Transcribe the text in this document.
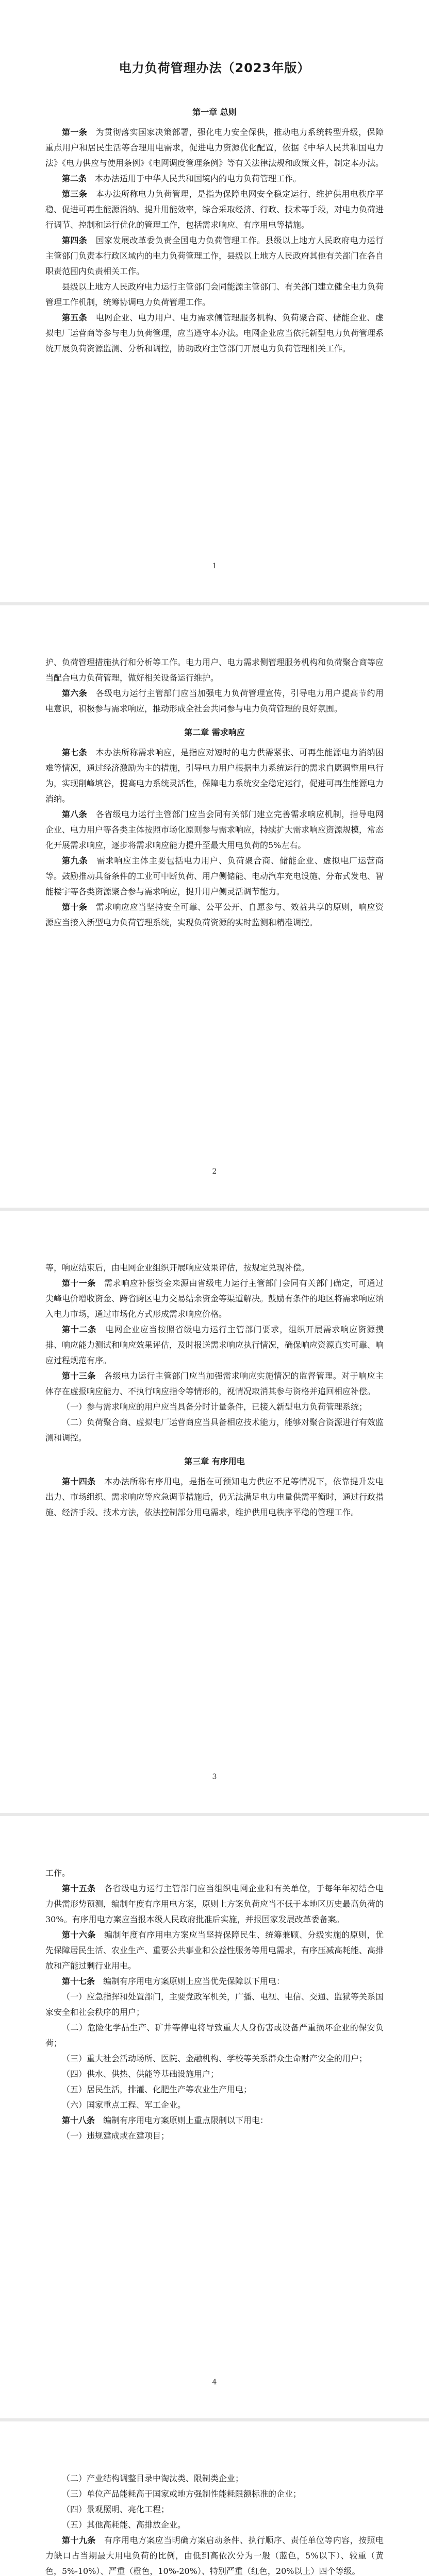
电力负荷管理办法（2023年版）
第一章 总则

第一条　 为贯彻落实国家决策部署，强化电力安全保供，推动电力系统转型升级，保障重点用户和居民生活等合理用电需求，促进电力资源优化配置，依据《中华人民共和国电力法》《电力供应与使用条例》《电网调度管理条例》等有关法律法规和政策文件，制定本办法。

第二条　 本办法适用于中华人民共和国境内的电力负荷管理工作。

第三条　 本办法所称电力负荷管理，是指为保障电网安全稳定运行、维护供用电秩序平稳、促进可再生能源消纳、提升用能效率，综合采取经济、行政、技术等手段，对电力负荷进行调节、控制和运行优化的管理工作，包括需求响应、有序用电等措施。

第四条　 国家发展改革委负责全国电力负荷管理工作。县级以上地方人民政府电力运行主管部门负责本行政区域内的电力负荷管理工作，县级以上地方人民政府其他有关部门在各自职责范围内负责相关工作。

县级以上地方人民政府电力运行主管部门会同能源主管部门、有关部门建立健全电力负荷管理工作机制，统筹协调电力负荷管理工作。

第五条　 电网企业、电力用户、电力需求侧管理服务机构、负荷聚合商、储能企业、虚拟电厂运营商等参与电力负荷管理，应当遵守本办法。电网企业应当依托新型电力负荷管理系统开展负荷资源监测、分析和调控，协助政府主管部门开展电力负荷管理相关工作。

1

护、负荷管理措施执行和分析等工作。电力用户、电力需求侧管理服务机构和负荷聚合商等应当配合电力负荷管理，做好相关设备运行维护。

第六条　 各级电力运行主管部门应当加强电力负荷管理宣传，引导电力用户提高节约用电意识，积极参与需求响应，推动形成全社会共同参与电力负荷管理的良好氛围。

第二章 需求响应

第七条　 本办法所称需求响应，是指应对短时的电力供需紧张、可再生能源电力消纳困难等情况，通过经济激励为主的措施，引导电力用户根据电力系统运行的需求自愿调整用电行为，实现削峰填谷，提高电力系统灵活性，保障电力系统安全稳定运行，促进可再生能源电力消纳。

第八条　 各省级电力运行主管部门应当会同有关部门建立完善需求响应机制，指导电网企业、电力用户等各类主体按照市场化原则参与需求响应，持续扩大需求响应资源规模，常态化开展需求响应，逐步将需求响应能力提升至最大用电负荷的5%左右。

第九条　 需求响应主体主要包括电力用户、负荷聚合商、储能企业、虚拟电厂运营商等。鼓励推动具备条件的工业可中断负荷、用户侧储能、电动汽车充电设施、分布式发电、智能楼宇等各类资源聚合参与需求响应，提升用户侧灵活调节能力。

第十条　 需求响应应当坚持安全可靠、公平公开、自愿参与、效益共享的原则，响应资源应当接入新型电力负荷管理系统，实现负荷资源的实时监测和精准调控。

2

等，响应结束后，由电网企业组织开展响应效果评估，按规定兑现补偿。

第十一条　 需求响应补偿资金来源由省级电力运行主管部门会同有关部门确定，可通过尖峰电价增收资金、跨省跨区电力交易结余资金等渠道解决。鼓励有条件的地区将需求响应纳入电力市场，通过市场化方式形成需求响应价格。

第十二条　 电网企业应当按照省级电力运行主管部门要求，组织开展需求响应资源摸排、响应能力测试和响应效果评估，及时报送需求响应执行情况，确保响应资源真实可靠、响应过程规范有序。

第十三条　 各级电力运行主管部门应当加强需求响应实施情况的监督管理。对于响应主体存在虚报响应能力、不执行响应指令等情形的，视情况取消其参与资格并追回相应补偿。

（一）参与需求响应的用户应当具备分时计量条件，已接入新型电力负荷管理系统；

（二）负荷聚合商、虚拟电厂运营商应当具备相应技术能力，能够对聚合资源进行有效监测和调控。

第三章 有序用电

第十四条　 本办法所称有序用电，是指在可预知电力供应不足等情况下，依靠提升发电出力、市场组织、需求响应等应急调节措施后，仍无法满足电力电量供需平衡时，通过行政措施、经济手段、技术方法，依法控制部分用电需求，维护供用电秩序平稳的管理工作。

3

工作。

第十五条　 各省级电力运行主管部门应当组织电网企业和有关单位，于每年年初结合电力供需形势预测，编制年度有序用电方案，原则上方案负荷应当不低于本地区历史最高负荷的30%。有序用电方案应当报本级人民政府批准后实施，并报国家发展改革委备案。

第十六条　 编制年度有序用电方案应当坚持保障民生、统筹兼顾、分级实施的原则，优先保障居民生活、农业生产、重要公共事业和公益性服务等用电需求，有序压减高耗能、高排放和产能过剩行业用电。

第十七条　 编制有序用电方案原则上应当优先保障以下用电：

（一）应急指挥和处置部门，主要党政军机关，广播、电视、电信、交通、监狱等关系国家安全和社会秩序的用户；

（二）危险化学品生产、矿井等停电将导致重大人身伤害或设备严重损坏企业的保安负荷；

（三）重大社会活动场所、医院、金融机构、学校等关系群众生命财产安全的用户；

（四）供水、供热、供能等基础设施用户；

（五）居民生活，排灌、化肥生产等农业生产用电；

（六）国家重点工程、军工企业。

第十八条　 编制有序用电方案原则上重点限制以下用电：

（一）违规建成或在建项目；

4

（二）产业结构调整目录中淘汰类、限制类企业；

（三）单位产品能耗高于国家或地方强制性能耗限额标准的企业；

（四）景观照明、亮化工程；

（五）其他高耗能、高排放企业。

第十九条　 有序用电方案应当明确方案启动条件、执行顺序、责任单位等内容，按照电力缺口占当期最大用电负荷的比例，由低到高依次分为一般（蓝色，5%以下）、较重（黄色，5%-10%）、严重（橙色，10%-20%）、特别严重（红色，20%以上）四个等级。
